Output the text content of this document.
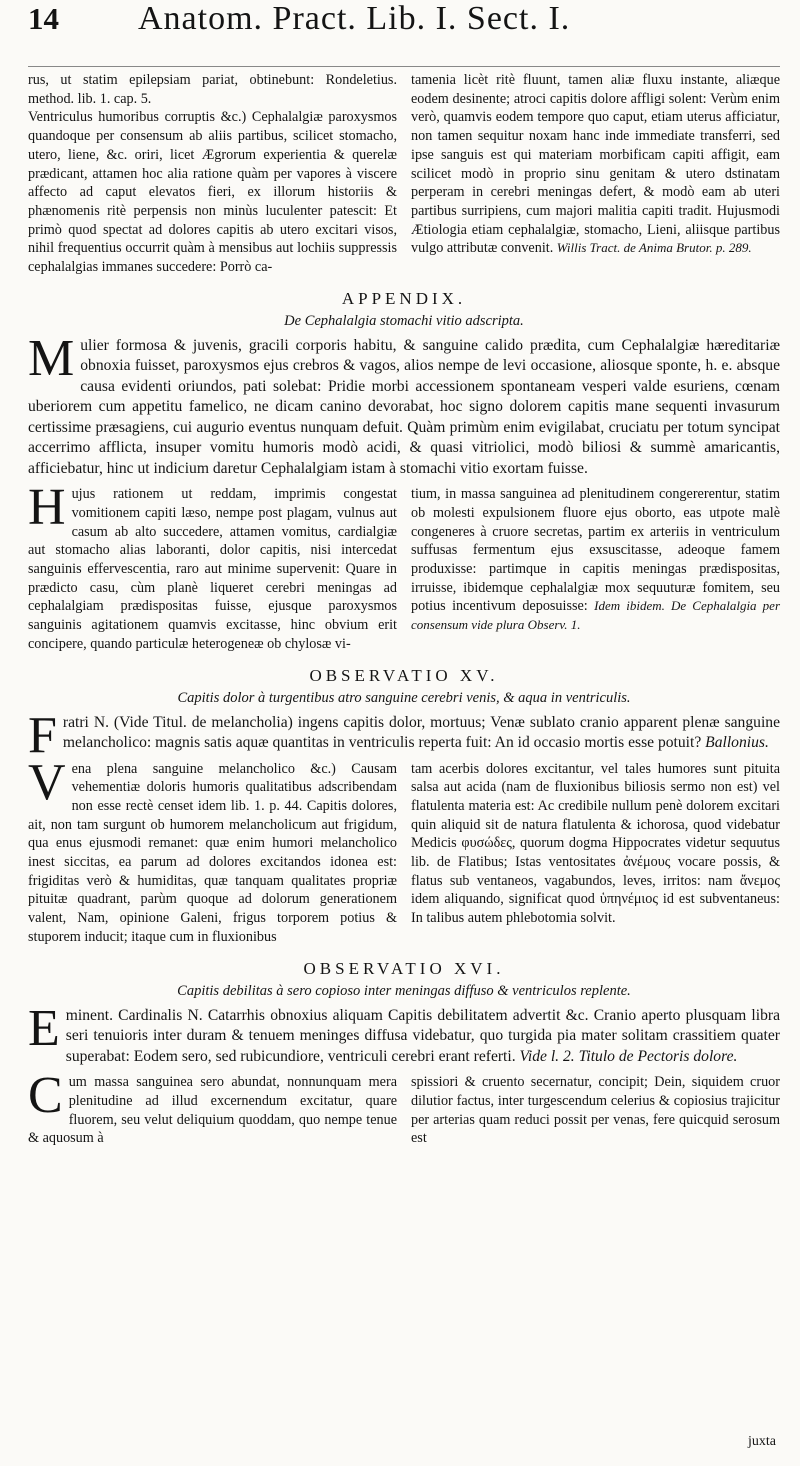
14	Anatom. Pract. Lib. I. Sect. I.

rus, ut statim epilepsiam pariat, obtinebunt: Rondeletius. method. lib. 1. cap. 5.

Ventriculus humoribus corruptis &c.) Cephalalgiæ paroxysmos quandoque per consensum ab aliis partibus, scilicet stomacho, utero, liene, &c. oriri, licet Ægrorum experientia & querelæ prædicant, attamen hoc alia ratione quàm per vapores à viscere affecto ad caput elevatos fieri, ex illorum historiis & phænomenis ritè perpensis non minùs luculenter patescit: Et primò quod spectat ad dolores capitis ab utero excitari visos, nihil frequentius occurrit quàm à mensibus aut lochiis suppressis cephalalgias immanes succedere: Porrò ca-

tamenia licèt ritè fluunt, tamen aliæ fluxu instante, aliæque eodem desinente; atroci capitis dolore affligi solent: Verùm enim verò, quamvis eodem tempore quo caput, etiam uterus afficiatur, non tamen sequitur noxam hanc inde immediate transferri, sed ipse sanguis est qui materiam morbificam capiti affigit, eam scilicet modò in proprio sinu genitam & utero dstinatam perperam in cerebri meningas defert, & modò eam ab uteri partibus surripiens, cum majori malitia capiti tradit. Hujusmodi Ætiologia etiam cephalalgiæ, stomacho, Lieni, aliisque partibus vulgo attributæ convenit. Willis Tract. de Anima Brutor. p. 289.

APPENDIX.
De Cephalalgia stomachi vitio adscripta.

Mulier formosa & juvenis, gracili corporis habitu, & sanguine calido prædita, cum Cephalalgiæ hæreditariæ obnoxia fuisset, paroxysmos ejus crebros & vagos, alios nempe de levi occasione, aliosque sponte, h. e. absque causa evidenti oriundos, pati solebat: Pridie morbi accessionem spontaneam vesperi valde esuriens, cœnam uberiorem cum appetitu famelico, ne dicam canino devorabat, hoc signo dolorem capitis mane sequenti invasurum certissime præsagiens, cui augurio eventus nunquam defuit. Quàm primùm enim evigilabat, cruciatu per totum syncipat accerrimo afflicta, insuper vomitu humoris modò acidi, & quasi vitriolici, modò biliosi & summè amaricantis, afficiebatur, hinc ut indicium daretur Cephalalgiam istam à stomachi vitio exortam fuisse.

Hujus rationem ut reddam, imprimis congestat vomitionem capiti læso, nempe post plagam, vulnus aut casum ab alto succedere, attamen vomitus, cardialgiæ aut stomacho alias laboranti, dolor capitis, nisi intercedat sanguinis effervescentia, raro aut minime supervenit: Quare in prædicto casu, cùm planè liqueret cerebri meningas ad cephalalgiam prædispositas fuisse, ejusque paroxysmos sanguinis agitationem quamvis excitasse, hinc obvium erit concipere, quando particulæ heterogeneæ ob chylosæ vi-

tium, in massa sanguinea ad plenitudinem congererentur, statim ob molesti expulsionem fluore ejus oborto, eas utpote malè congeneres à cruore secretas, partim ex arteriis in ventriculum suffusas fermentum ejus exsuscitasse, adeoque famem produxisse: partimque in capitis meningas prædispositas, irruisse, ibidemque cephalalgiæ mox sequuturæ fomitem, seu potius incentivum deposuisse: Idem ibidem. De Cephalalgia per consensum vide plura Observ. 1.

OBSERVATIO XV.
Capitis dolor à turgentibus atro sanguine cerebri venis, & aqua in ventriculis.

Fratri N. (Vide Titul. de melancholia) ingens capitis dolor, mortuus; Venæ sublato cranio apparent plenæ sanguine melancholico: magnis satis aquæ quantitas in ventriculis reperta fuit: An id occasio mortis esse potuit? Ballonius.

Vena plena sanguine melancholico &c.) Causam vehementiæ doloris humoris qualitatibus adscribendam non esse rectè censet idem lib. 1. p. 44. Capitis dolores, ait, non tam surgunt ob humorem melancholicum aut frigidum, qua enus ejusmodi remanet: quæ enim humori melancholico inest siccitas, ea parum ad dolores excitandos idonea est: frigiditas verò & humiditas, quæ tanquam qualitates propriæ pituitæ quadrant, parùm quoque ad dolorum generationem valent, Nam, opinione Galeni, frigus torporem potius & stuporem inducit; itaque cum in fluxionibus

tam acerbis dolores excitantur, vel tales humores sunt pituita salsa aut acida (nam de fluxionibus biliosis sermo non est) vel flatulenta materia est: Ac credibile nullum penè dolorem excitari quin aliquid sit de natura flatulenta & ichorosa, quod videbatur Medicis φυσώδες, quorum dogma Hippocrates videtur sequutus lib. de Flatibus; Istas ventositates ἀνέμους vocare possis, & flatus sub ventaneos, vagabundos, leves, irritos: nam ἄνεμος idem aliquando, significat quod ὑπηνέμιος id est subventaneus: In talibus autem phlebotomia solvit.

OBSERVATIO XVI.
Capitis debilitas à sero copioso inter meningas diffuso & ventriculos replente.

Eminent. Cardinalis N. Catarrhis obnoxius aliquam Capitis debilitatem advertit &c. Cranio aperto plusquam libra seri tenuioris inter duram & tenuem meninges diffusa videbatur, quo turgida pia mater solitam crassitiem quater superabat: Eodem sero, sed rubicundiore, ventriculi cerebri erant referti. Vide l. 2. Titulo de Pectoris dolore.

Cum massa sanguinea sero abundat, nonnunquam mera plenitudine ad illud excernendum excitatur, quare fluorem, seu velut deliquium quoddam, quo nempe tenue & aquosum à

spissiori & cruento secernatur, concipit; Dein, siquidem cruor dilutior factus, inter turgescendum celerius & copiosius trajicitur per arterias quam reduci possit per venas, fere quicquid serosum est

juxta
